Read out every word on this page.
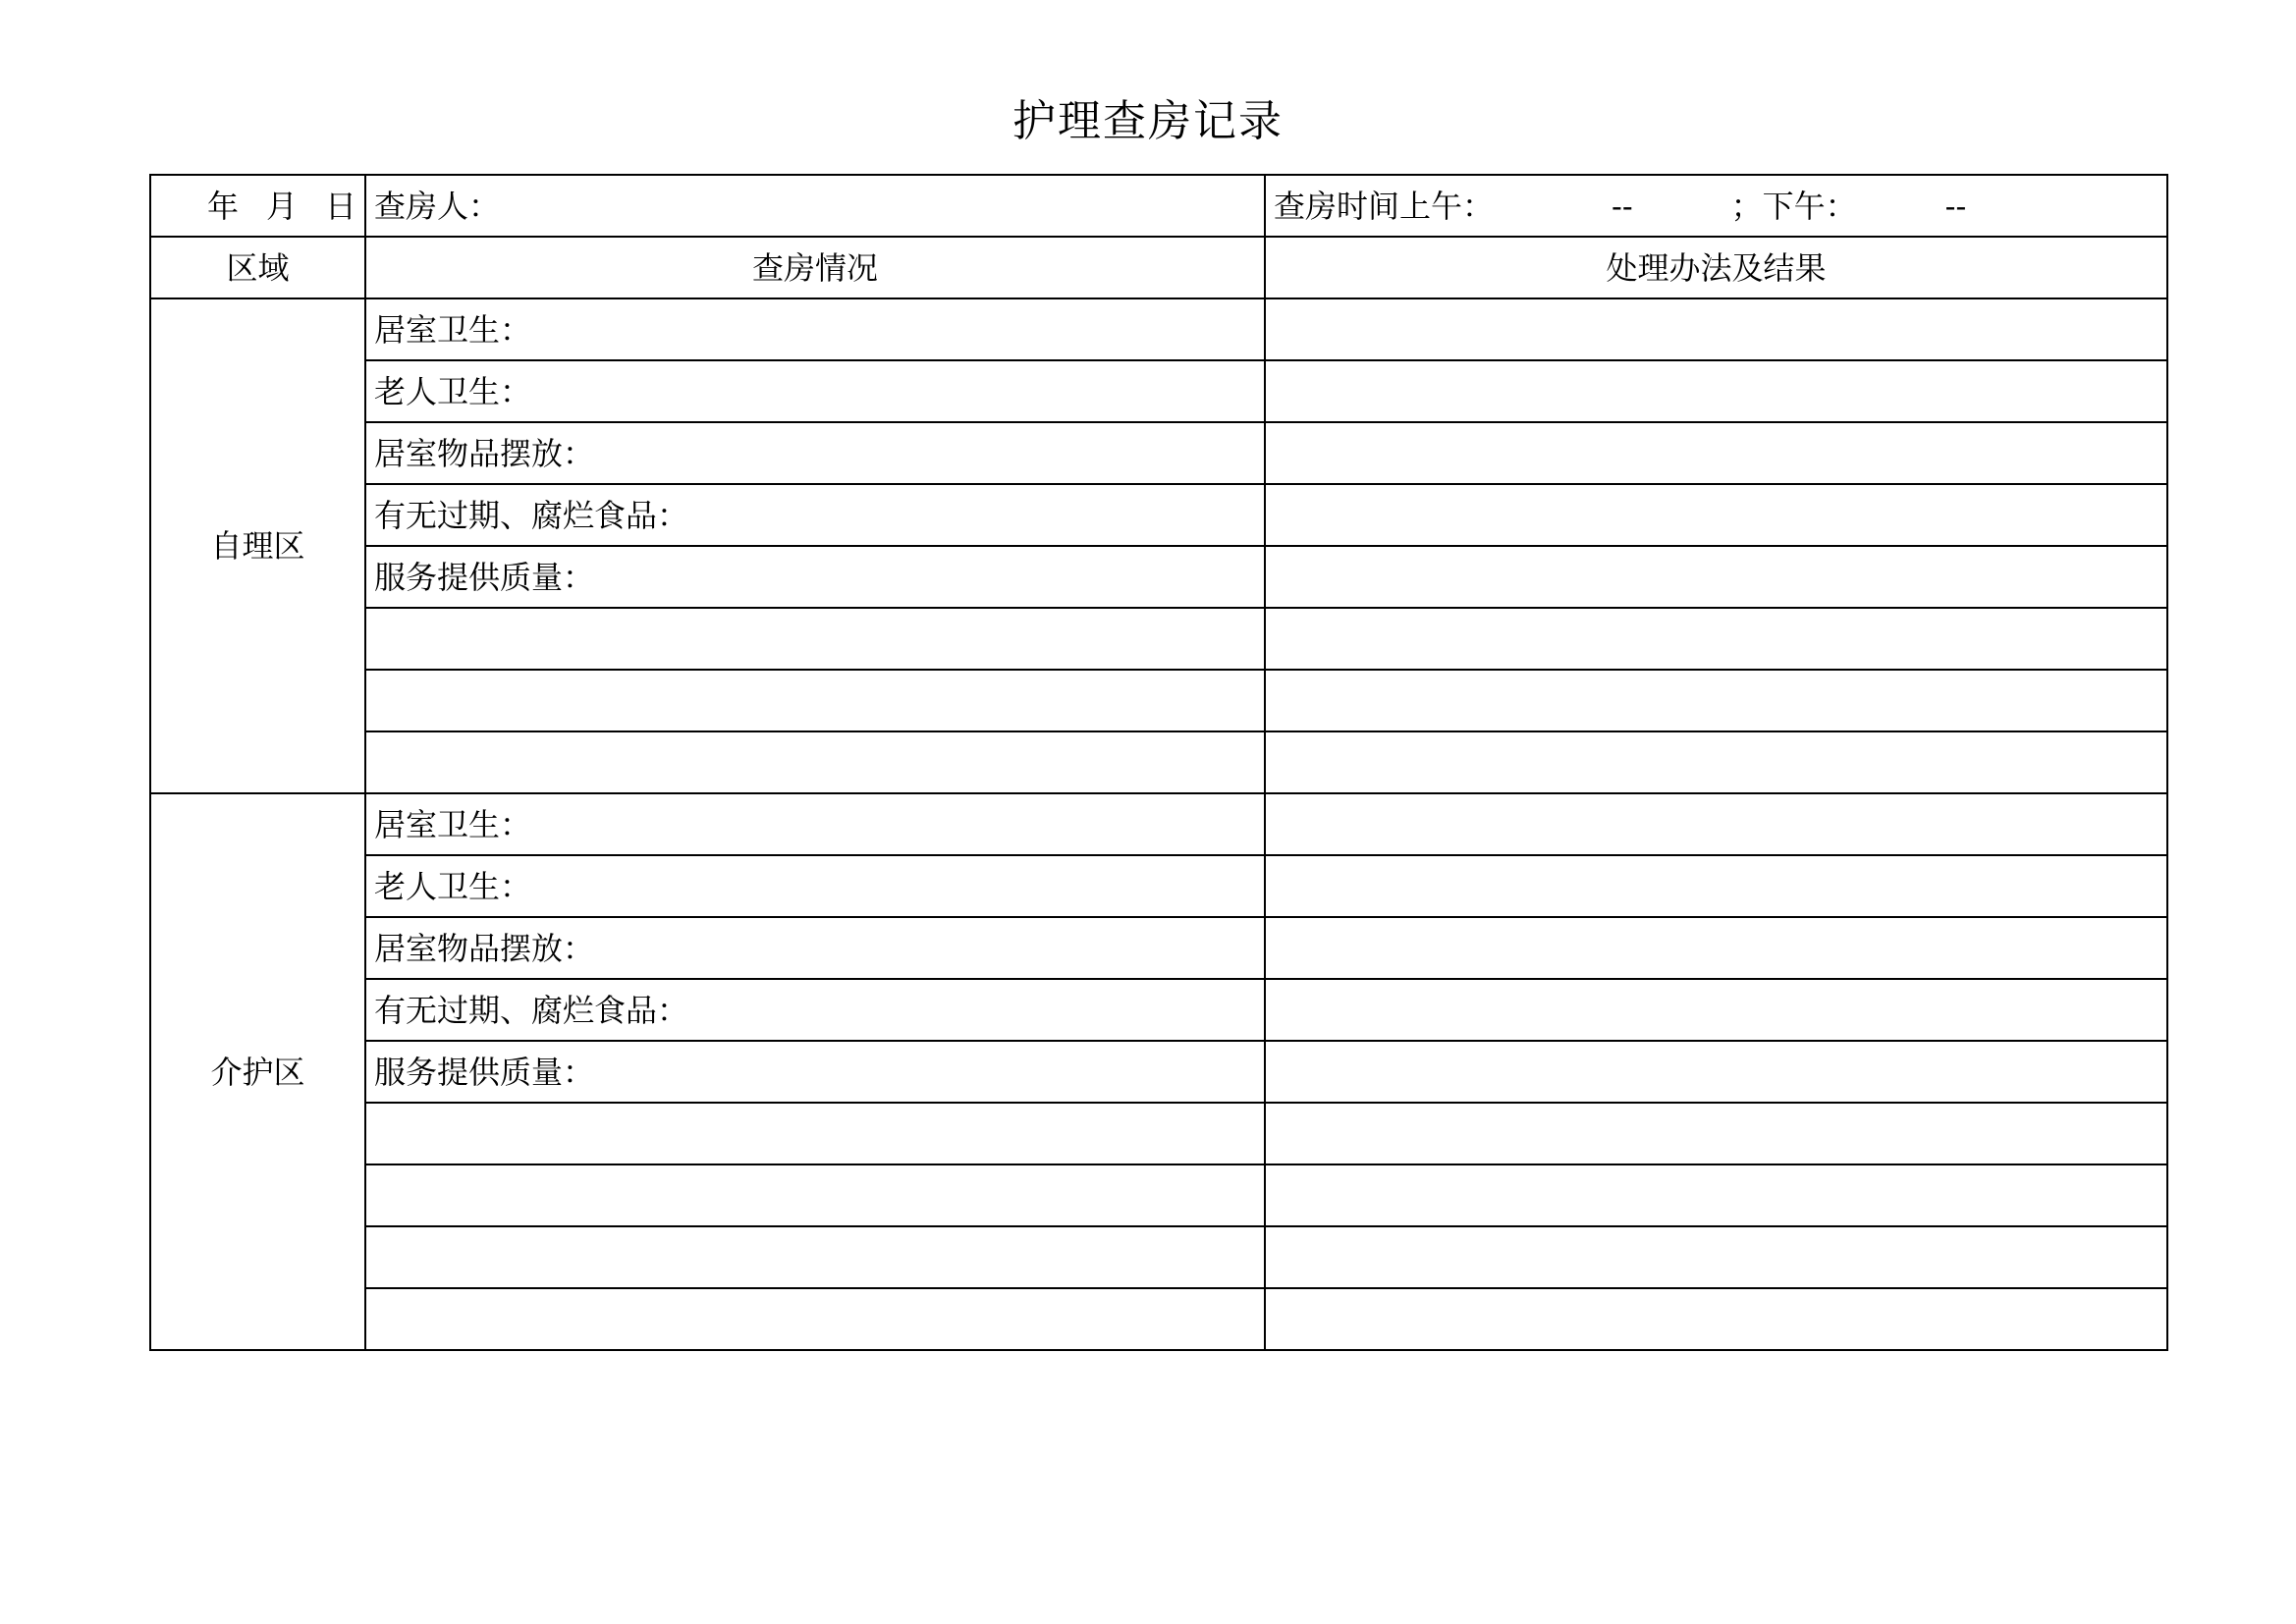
护理查房记录
年 月 日	查房人：	查房时间上午： -- ；下午： --
区域	查房情况	处理办法及结果
自理区	居室卫生：	
	老人卫生：	
	居室物品摆放：	
	有无过期、腐烂食品：	
	服务提供质量：	

介护区	居室卫生：	
	老人卫生：	
	居室物品摆放：	
	有无过期、腐烂食品：	
	服务提供质量：	
